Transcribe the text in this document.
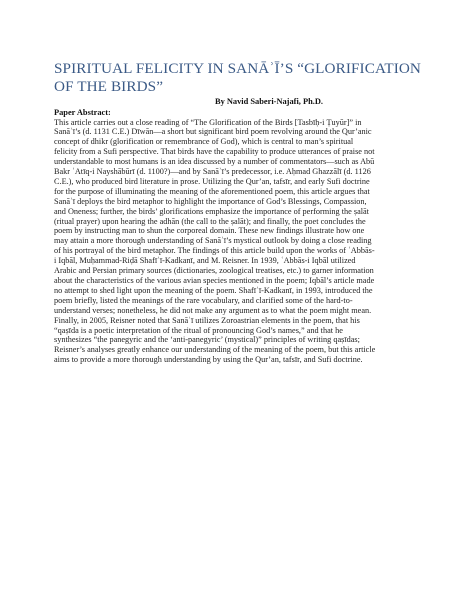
SPIRITUAL FELICITY IN SANĀʾĪ’S “GLORIFICATION OF THE BIRDS”
By Navid Saberi-Najafi, Ph.D.
Paper Abstract:
This article carries out a close reading of “The Glorification of the Birds [Tasbīḥ-i Ṭuyūr]” in
Sanāʾī’s (d. 1131 C.E.) Dīwān—a short but significant bird poem revolving around the Qur’anic
concept of dhikr (glorification or remembrance of God), which is central to man’s spiritual
felicity from a Sufi perspective. That birds have the capability to produce utterances of praise not
understandable to most humans is an idea discussed by a number of commentators—such as Abū
Bakr ʿAtīq-i Nayshābūrī (d. 1100?)—and by Sanāʾī’s predecessor, i.e. Aḥmad Ghazzālī (d. 1126
C.E.), who produced bird literature in prose. Utilizing the Qur’an, tafsīr, and early Sufi doctrine
for the purpose of illuminating the meaning of the aforementioned poem, this article argues that
Sanāʾī deploys the bird metaphor to highlight the importance of God’s Blessings, Compassion,
and Oneness; further, the birds’ glorifications emphasize the importance of performing the ṣalāt
(ritual prayer) upon hearing the adhān (the call to the ṣalāt); and finally, the poet concludes the
poem by instructing man to shun the corporeal domain. These new findings illustrate how one
may attain a more thorough understanding of Sanāʾī’s mystical outlook by doing a close reading
of his portrayal of the bird metaphor. The findings of this article build upon the works of ʿAbbās-
i Iqbāl, Muḥammad-Riḍā Shafīʿī-Kadkanī, and M. Reisner. In 1939, ʿAbbās-i Iqbāl utilized
Arabic and Persian primary sources (dictionaries, zoological treatises, etc.) to garner information
about the characteristics of the various avian species mentioned in the poem; Iqbāl’s article made
no attempt to shed light upon the meaning of the poem. Shafīʿī-Kadkanī, in 1993, introduced the
poem briefly, listed the meanings of the rare vocabulary, and clarified some of the hard-to-
understand verses; nonetheless, he did not make any argument as to what the poem might mean.
Finally, in 2005, Reisner noted that Sanāʾī utilizes Zoroastrian elements in the poem, that his
“qaṣīda is a poetic interpretation of the ritual of pronouncing God’s names,” and that he
synthesizes “the panegyric and the ‘anti-panegyric’ (mystical)” principles of writing qaṣīdas;
Reisner’s analyses greatly enhance our understanding of the meaning of the poem, but this article
aims to provide a more thorough understanding by using the Qur’an, tafsīr, and Sufi doctrine.
